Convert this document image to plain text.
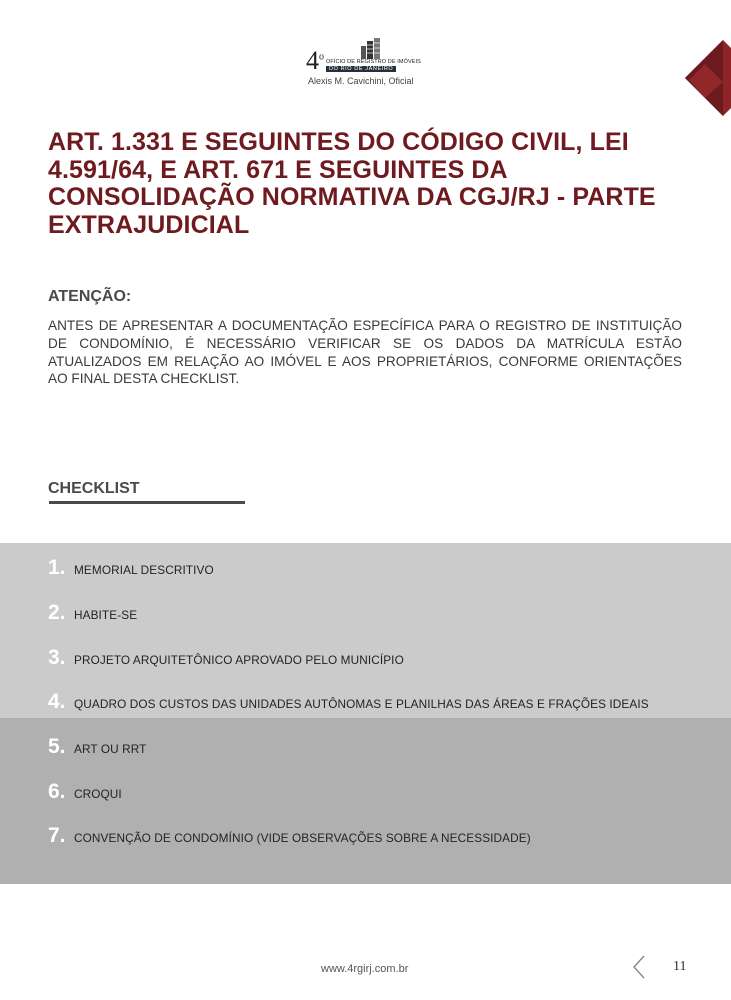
4$^o$ OFÍCIO DE REGISTRO DE IMÓVEIS
DO RIO DE JANEIRO
Alexis M. Cavichini, Oficial
ART. 1.331 E SEGUINTES DO CÓDIGO CIVIL, LEI 4.591/64, E ART. 671 E SEGUINTES DA CONSOLIDAÇÃO NORMATIVA DA CGJ/RJ - PARTE EXTRAJUDICIAL

ATENÇÃO:

ANTES DE APRESENTAR A DOCUMENTAÇÃO ESPECÍFICA PARA O REGISTRO DE INSTITUIÇÃO DE CONDOMÍNIO, É NECESSÁRIO VERIFICAR SE OS DADOS DA MATRÍCULA ESTÃO ATUALIZADOS EM RELAÇÃO AO IMÓVEL E AOS PROPRIETÁRIOS, CONFORME ORIENTAÇÕES AO FINAL DESTA CHECKLIST.

CHECKLIST

1. MEMORIAL DESCRITIVO
2. HABITE-SE
3. PROJETO ARQUITETÔNICO APROVADO PELO MUNICÍPIO
4. QUADRO DOS CUSTOS DAS UNIDADES AUTÔNOMAS E PLANILHAS DAS ÁREAS E FRAÇÕES IDEAIS
5. ART OU RRT
6. CROQUI
7. CONVENÇÃO DE CONDOMÍNIO (VIDE OBSERVAÇÕES SOBRE A NECESSIDADE)
www.4rgirj.com.br	11
